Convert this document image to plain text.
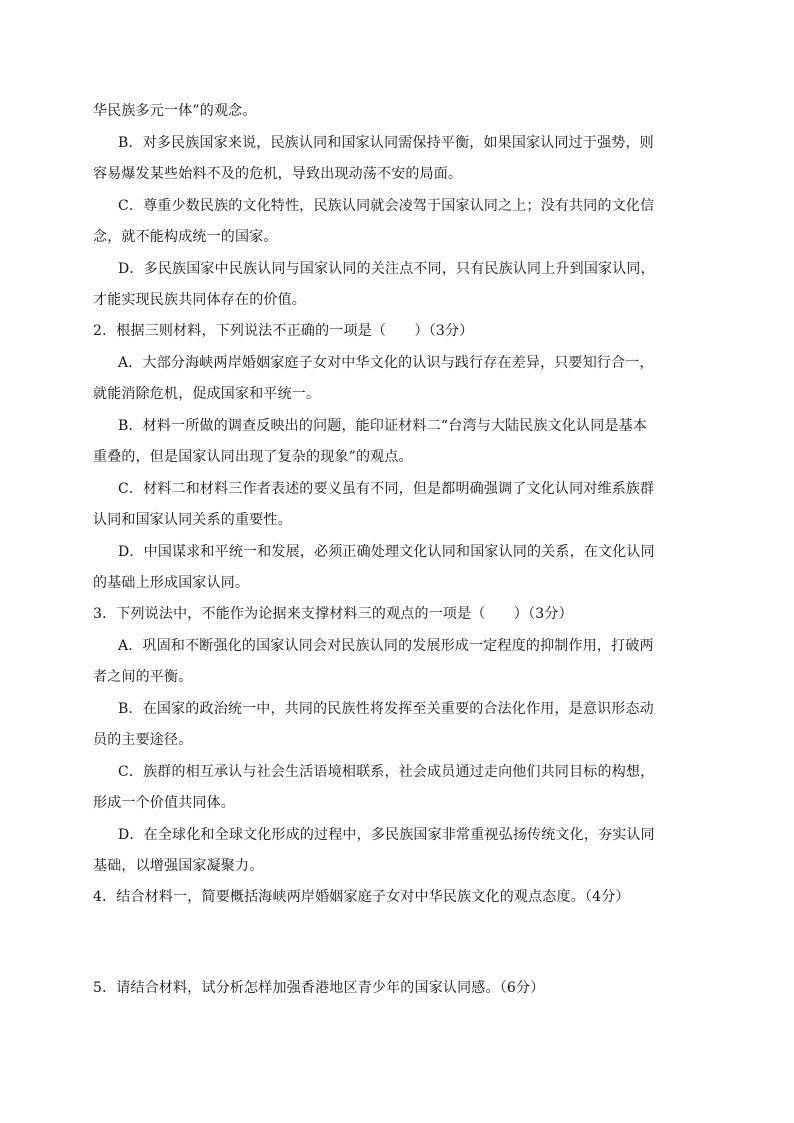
华民族多元一体”的观念。
B．对多民族国家来说，民族认同和国家认同需保持平衡，如果国家认同过于强势，则
容易爆发某些始料不及的危机，导致出现动荡不安的局面。
C．尊重少数民族的文化特性，民族认同就会凌驾于国家认同之上；没有共同的文化信
念，就不能构成统一的国家。
D．多民族国家中民族认同与国家认同的关注点不同，只有民族认同上升到国家认同，
才能实现民族共同体存在的价值。
2．根据三则材料，下列说法不正确的一项是（　　）（3分）
A．大部分海峡两岸婚姻家庭子女对中华文化的认识与践行存在差异，只要知行合一，
就能消除危机，促成国家和平统一。
B．材料一所做的调查反映出的问题，能印证材料二“台湾与大陆民族文化认同是基本
重叠的，但是国家认同出现了复杂的现象”的观点。
C．材料二和材料三作者表述的要义虽有不同，但是都明确强调了文化认同对维系族群
认同和国家认同关系的重要性。
D．中国谋求和平统一和发展，必须正确处理文化认同和国家认同的关系，在文化认同
的基础上形成国家认同。
3．下列说法中，不能作为论据来支撑材料三的观点的一项是（　　）（3分）
A．巩固和不断强化的国家认同会对民族认同的发展形成一定程度的抑制作用，打破两
者之间的平衡。
B．在国家的政治统一中，共同的民族性将发挥至关重要的合法化作用，是意识形态动
员的主要途径。
C．族群的相互承认与社会生活语境相联系，社会成员通过走向他们共同目标的构想，
形成一个价值共同体。
D．在全球化和全球文化形成的过程中，多民族国家非常重视弘扬传统文化，夯实认同
基础，以增强国家凝聚力。
4．结合材料一，简要概括海峡两岸婚姻家庭子女对中华民族文化的观点态度。（4分）
5．请结合材料，试分析怎样加强香港地区青少年的国家认同感。（6分）
